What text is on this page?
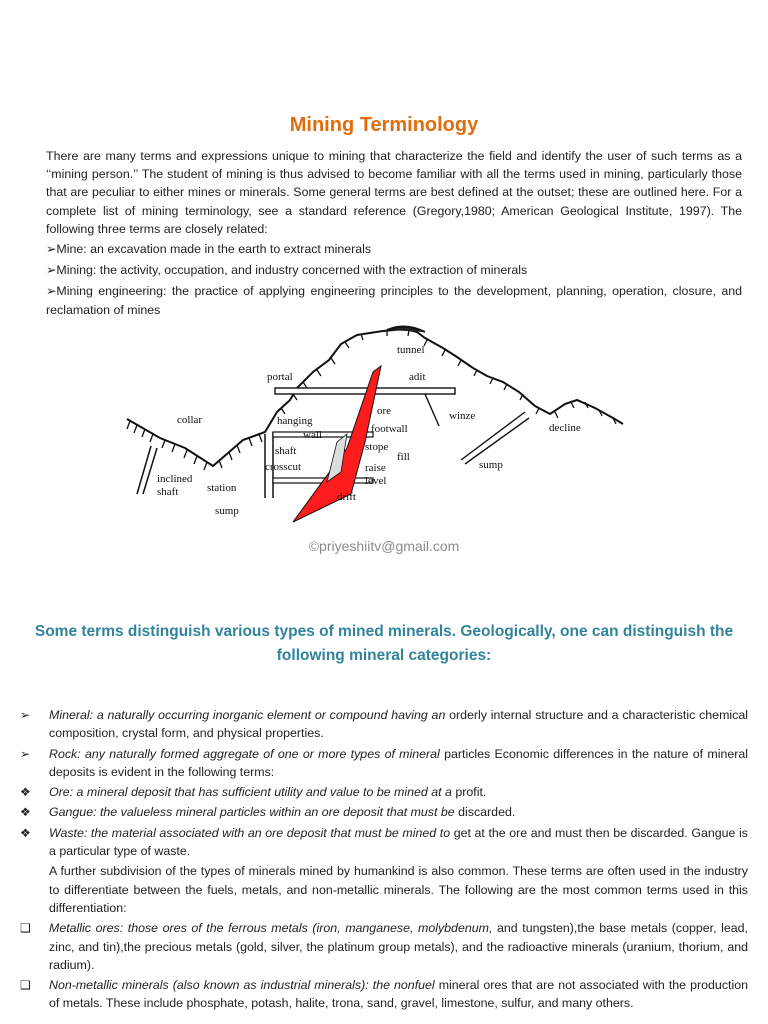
Mining Terminology
There are many terms and expressions unique to mining that characterize the field and identify the user of such terms as a ‘‘mining person.’’ The student of mining is thus advised to become familiar with all the terms used in mining, particularly those that are peculiar to either mines or minerals. Some general terms are best defined at the outset; these are outlined here. For a complete list of mining terminology, see a standard reference (Gregory,1980; American Geological Institute, 1997). The following three terms are closely related:
➢Mine: an excavation made in the earth to extract minerals
➢Mining: the activity, occupation, and industry concerned with the extraction of minerals
➢Mining engineering: the practice of applying engineering principles to the development, planning, operation, closure, and reclamation of mines
tunnel
portal	adit
collar	hanging
wall
ore
footwall
winze
decline
shaft	stope
fill
crosscut	raise
level
sump
inclined
shaft	station
drift
sump
©priyeshiitv@gmail.com
Some terms distinguish various types of mined minerals. Geologically, one can distinguish the following mineral categories:
➢	Mineral: a naturally occurring inorganic element or compound having an orderly internal structure and a characteristic chemical composition, crystal form, and physical properties.
➢	Rock: any naturally formed aggregate of one or more types of mineral particles Economic differences in the nature of mineral deposits is evident in the following terms:
❖	Ore: a mineral deposit that has sufficient utility and value to be mined at a profit.
❖	Gangue: the valueless mineral particles within an ore deposit that must be discarded.
❖	Waste: the material associated with an ore deposit that must be mined to get at the ore and must then be discarded. Gangue is a particular type of waste.
A further subdivision of the types of minerals mined by humankind is also common. These terms are often used in the industry to differentiate between the fuels, metals, and non-metallic minerals. The following are the most common terms used in this differentiation:
❑	Metallic ores: those ores of the ferrous metals (iron, manganese, molybdenum, and tungsten),the base metals (copper, lead, zinc, and tin),the precious metals (gold, silver, the platinum group metals), and the radioactive minerals (uranium, thorium, and radium).
❑	Non-metallic minerals (also known as industrial minerals): the nonfuel mineral ores that are not associated with the production of metals. These include phosphate, potash, halite, trona, sand, gravel, limestone, sulfur, and many others.
